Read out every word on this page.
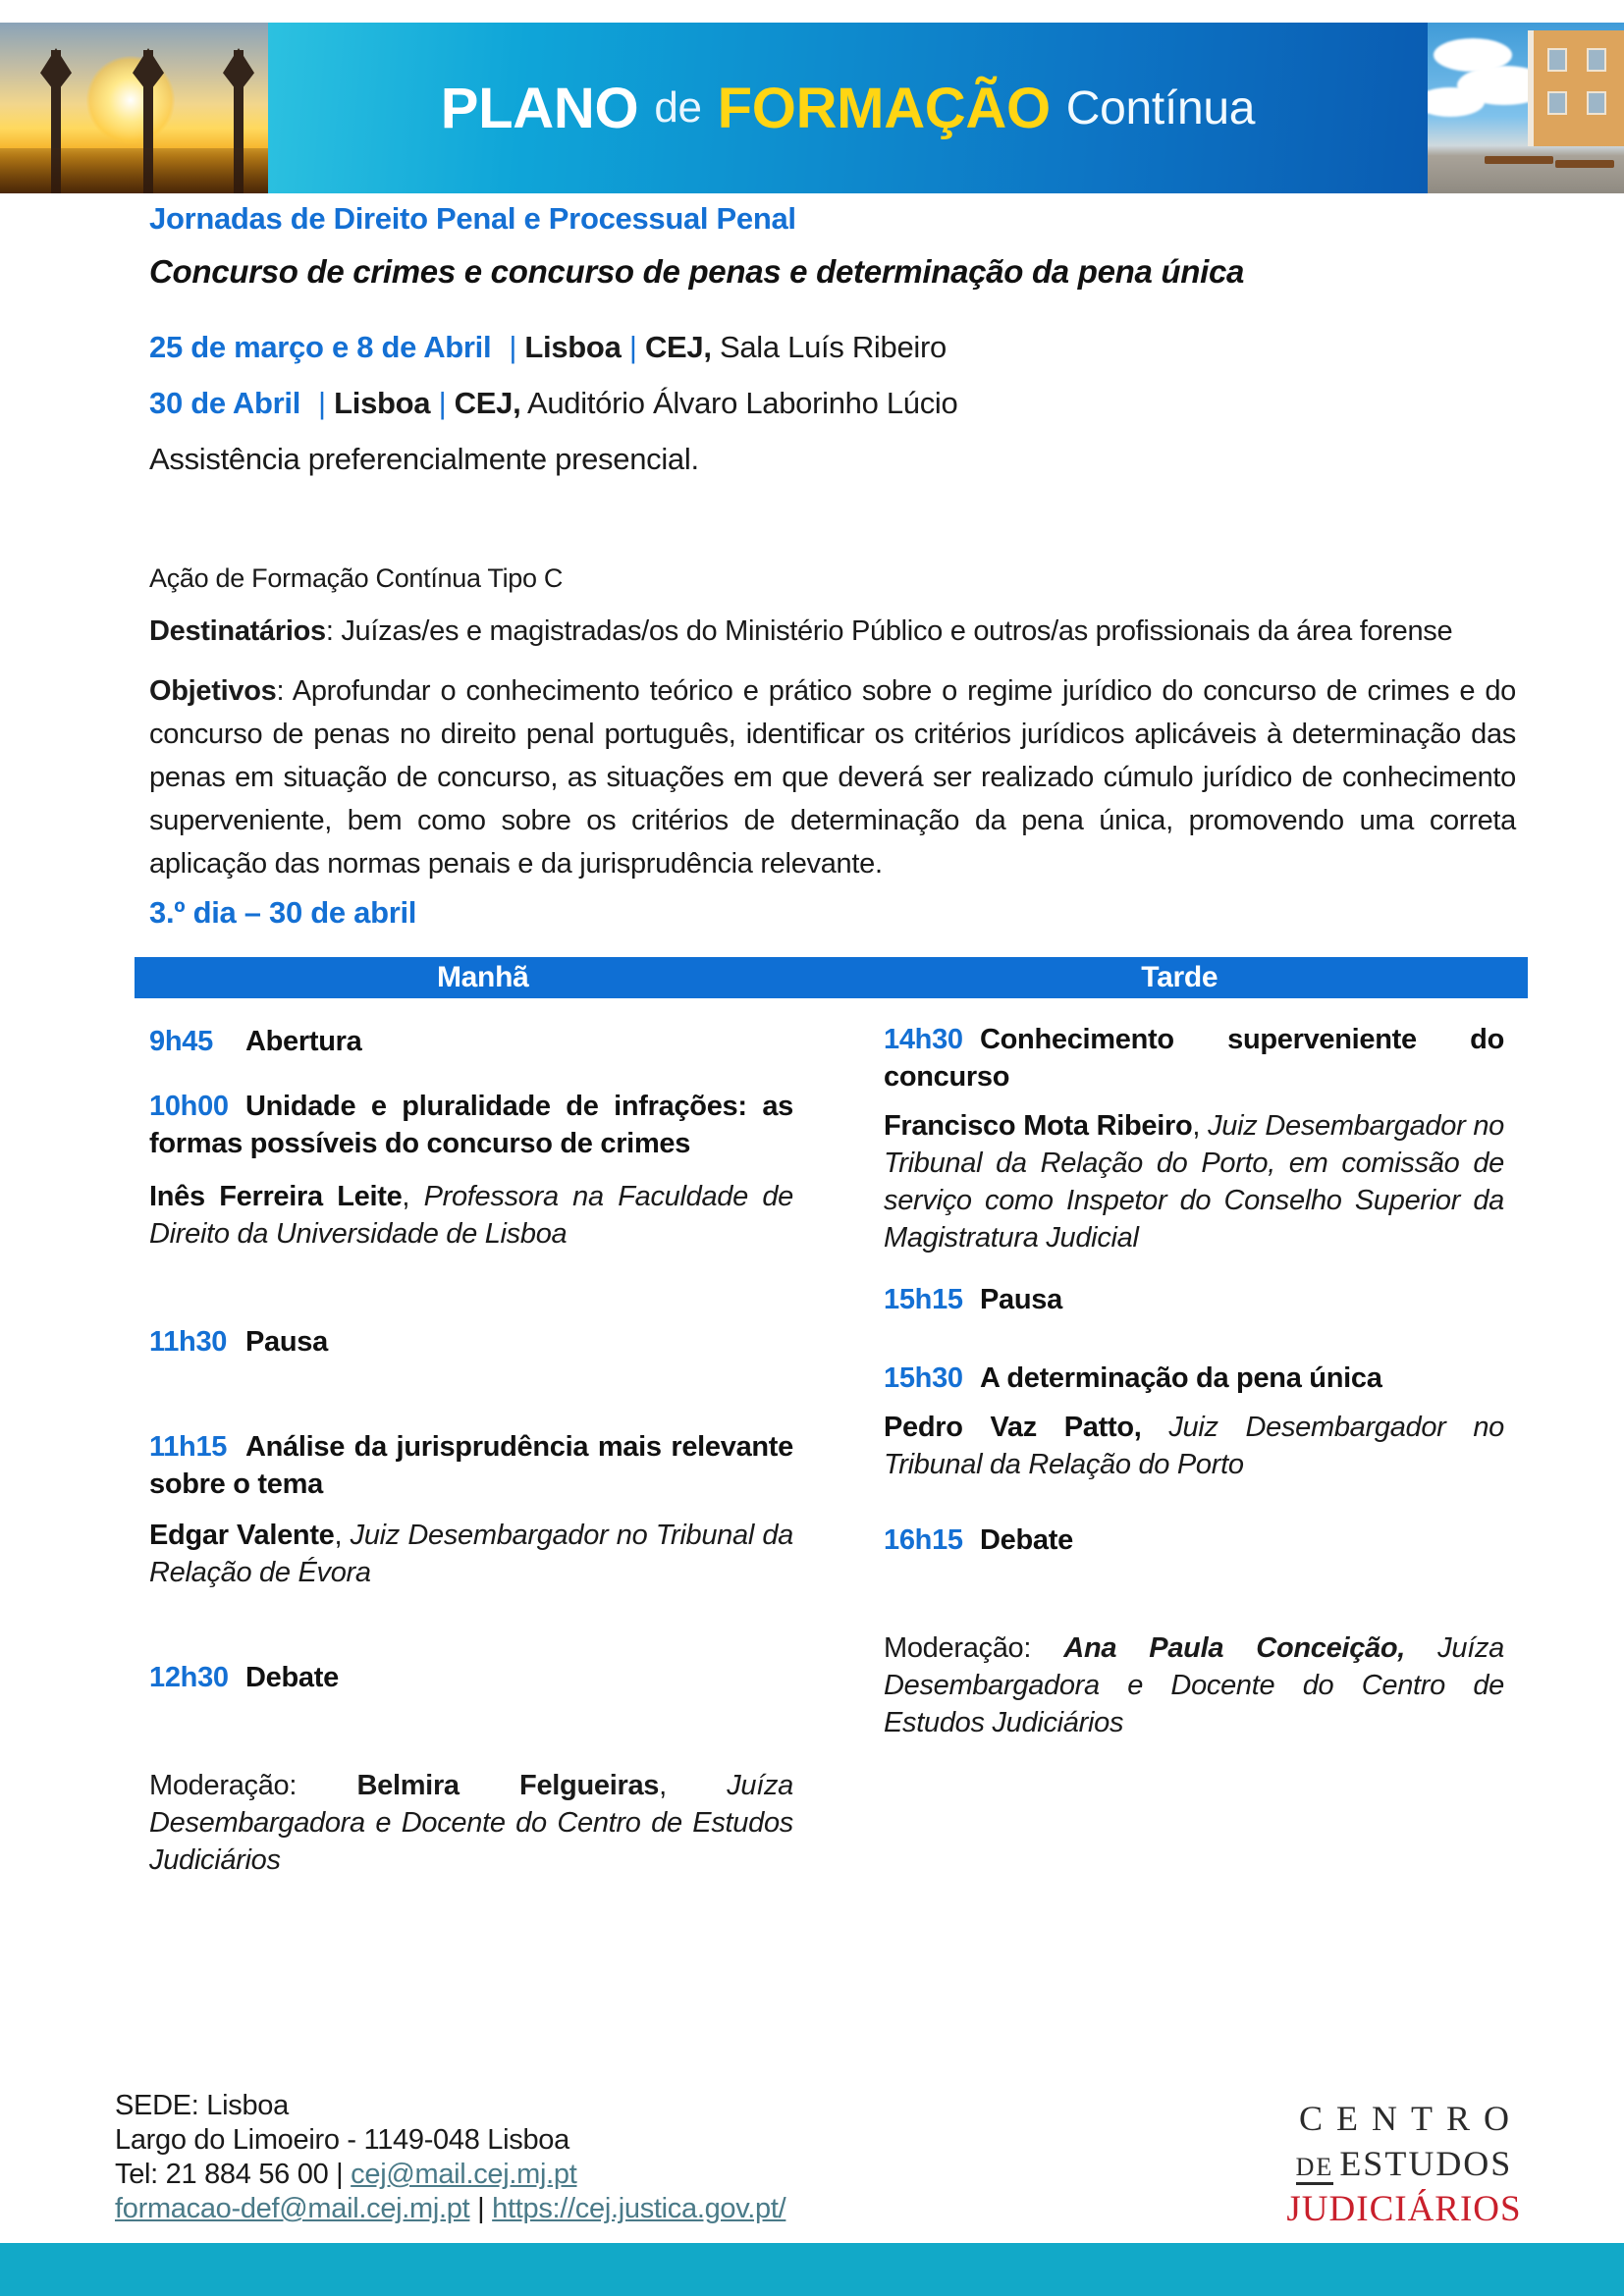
PLANO de FORMAÇÃO Contínua
Jornadas de Direito Penal e Processual Penal
Concurso de crimes e concurso de penas e determinação da pena única
25 de março e 8 de Abril | Lisboa | CEJ, Sala Luís Ribeiro
30 de Abril | Lisboa | CEJ, Auditório Álvaro Laborinho Lúcio
Assistência preferencialmente presencial.
Ação de Formação Contínua Tipo C
Destinatários: Juízas/es e magistradas/os do Ministério Público e outros/as profissionais da área forense
Objetivos: Aprofundar o conhecimento teórico e prático sobre o regime jurídico do concurso de crimes e do concurso de penas no direito penal português, identificar os critérios jurídicos aplicáveis à determinação das penas em situação de concurso, as situações em que deverá ser realizado cúmulo jurídico de conhecimento superveniente, bem como sobre os critérios de determinação da pena única, promovendo uma correta aplicação das normas penais e da jurisprudência relevante.
3.º dia – 30 de abril
Manhã	Tarde
9h45 Abertura
10h00 Unidade e pluralidade de infrações: as formas possíveis do concurso de crimes
Inês Ferreira Leite, Professora na Faculdade de Direito da Universidade de Lisboa
11h30 Pausa
11h15 Análise da jurisprudência mais relevante sobre o tema
Edgar Valente, Juiz Desembargador no Tribunal da Relação de Évora
12h30 Debate
Moderação: Belmira Felgueiras, Juíza Desembargadora e Docente do Centro de Estudos Judiciários
14h30 Conhecimento superveniente do concurso
Francisco Mota Ribeiro, Juiz Desembargador no Tribunal da Relação do Porto, em comissão de serviço como Inspetor do Conselho Superior da Magistratura Judicial
15h15 Pausa
15h30 A determinação da pena única
Pedro Vaz Patto, Juiz Desembargador no Tribunal da Relação do Porto
16h15 Debate
Moderação: Ana Paula Conceição, Juíza Desembargadora e Docente do Centro de Estudos Judiciários
SEDE: Lisboa
Largo do Limoeiro - 1149-048 Lisboa
Tel: 21 884 56 00 | cej@mail.cej.mj.pt
formacao-def@mail.cej.mj.pt | https://cej.justica.gov.pt/
CENTRO
DE ESTUDOS
JUDICIÁRIOS
